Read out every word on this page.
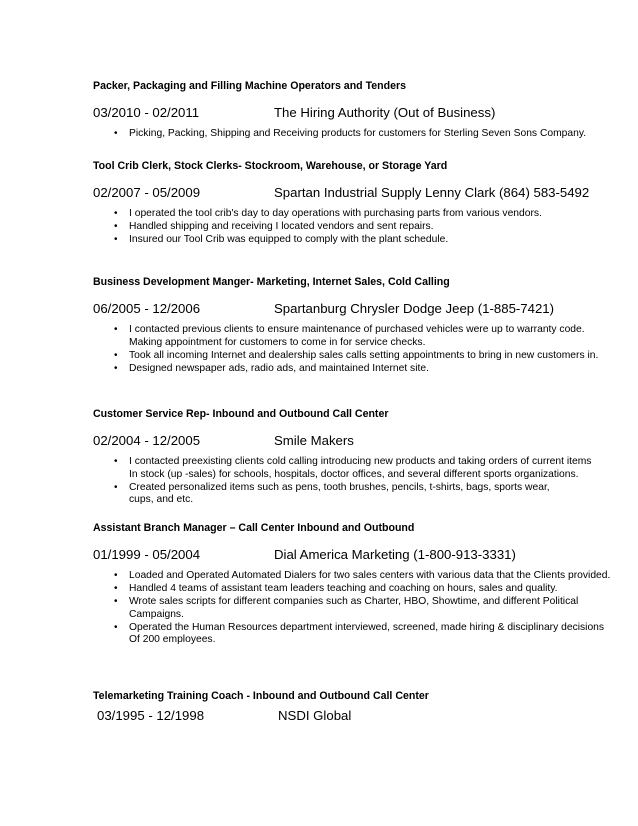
Packer, Packaging and Filling Machine Operators and Tenders
03/2010 - 02/2011	The Hiring Authority (Out of Business)
• Picking, Packing, Shipping and Receiving products for customers for Sterling Seven Sons Company.
Tool Crib Clerk, Stock Clerks- Stockroom, Warehouse, or Storage Yard
02/2007 - 05/2009	Spartan Industrial Supply Lenny Clark (864) 583-5492
• I operated the tool crib's day to day operations with purchasing parts from various vendors.
• Handled shipping and receiving I located vendors and sent repairs.
• Insured our Tool Crib was equipped to comply with the plant schedule.
Business Development Manger- Marketing, Internet Sales, Cold Calling
06/2005 - 12/2006	Spartanburg Chrysler Dodge Jeep (1-885-7421)
• I contacted previous clients to ensure maintenance of purchased vehicles were up to warranty code.
Making appointment for customers to come in for service checks.
• Took all incoming Internet and dealership sales calls setting appointments to bring in new customers in.
• Designed newspaper ads, radio ads, and maintained Internet site.
Customer Service Rep- Inbound and Outbound Call Center
02/2004 - 12/2005	Smile Makers
• I contacted preexisting clients cold calling introducing new products and taking orders of current items
In stock (up -sales) for schools, hospitals, doctor offices, and several different sports organizations.
• Created personalized items such as pens, tooth brushes, pencils, t-shirts, bags, sports wear,
cups, and etc.
Assistant Branch Manager – Call Center Inbound and Outbound
01/1999 - 05/2004	Dial America Marketing (1-800-913-3331)
• Loaded and Operated Automated Dialers for two sales centers with various data that the Clients provided.
• Handled 4 teams of assistant team leaders teaching and coaching on hours, sales and quality.
• Wrote sales scripts for different companies such as Charter, HBO, Showtime, and different Political
Campaigns.
• Operated the Human Resources department interviewed, screened, made hiring & disciplinary decisions
Of 200 employees.
Telemarketing Training Coach - Inbound and Outbound Call Center
03/1995 - 12/1998	NSDI Global
